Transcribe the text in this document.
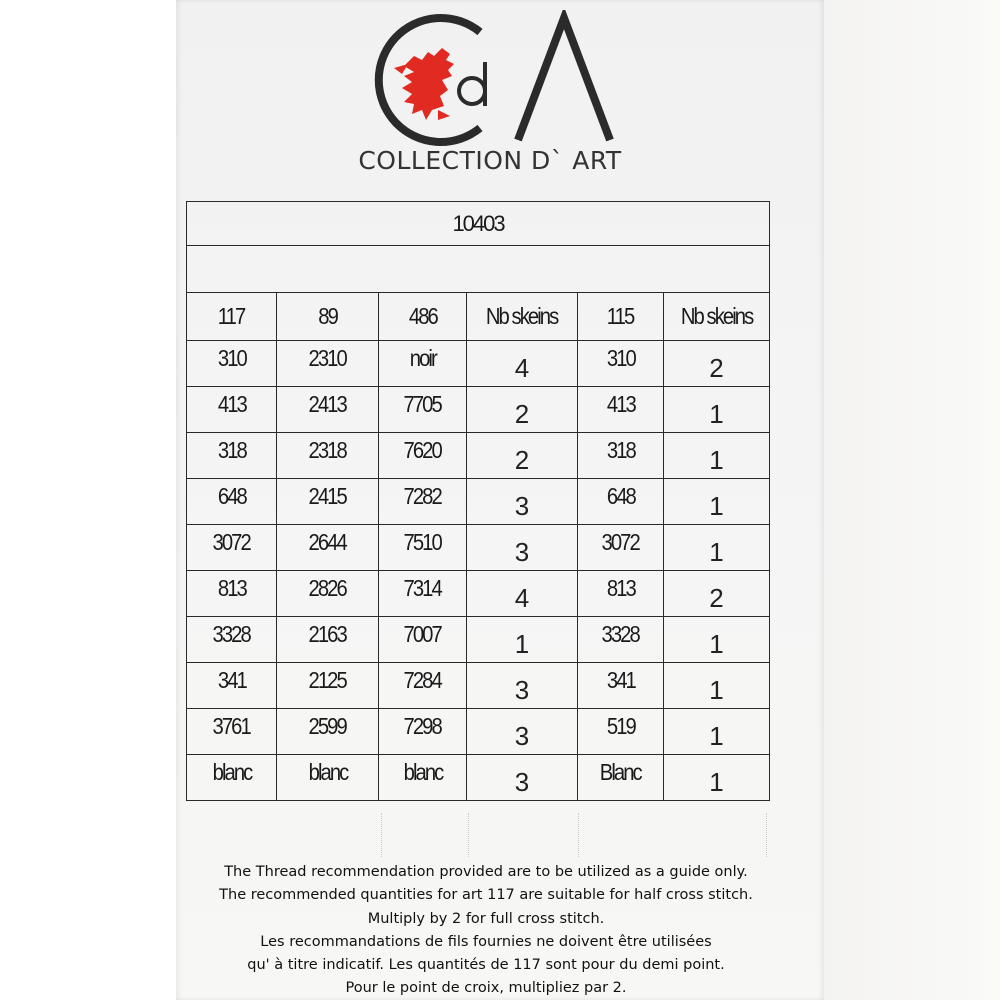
COLLECTION D` ART
10403					

117	89	486	Nb skeins	115	Nb skeins
310	2310	noir	4	310	2
413	2413	7705	2	413	1
318	2318	7620	2	318	1
648	2415	7282	3	648	1
3072	2644	7510	3	3072	1
813	2826	7314	4	813	2
3328	2163	7007	1	3328	1
341	2125	7284	3	341	1
3761	2599	7298	3	519	1
blanc	blanc	blanc	3	Blanc	1

The Thread recommendation provided are to be utilized as a guide only.

The recommended quantities for art 117 are suitable for half cross stitch.

Multiply by 2 for full cross stitch.

Les recommandations de fils fournies ne doivent être utilisées

qu' à titre indicatif. Les quantités de 117 sont pour du demi point.

Pour le point de croix, multipliez par 2.
